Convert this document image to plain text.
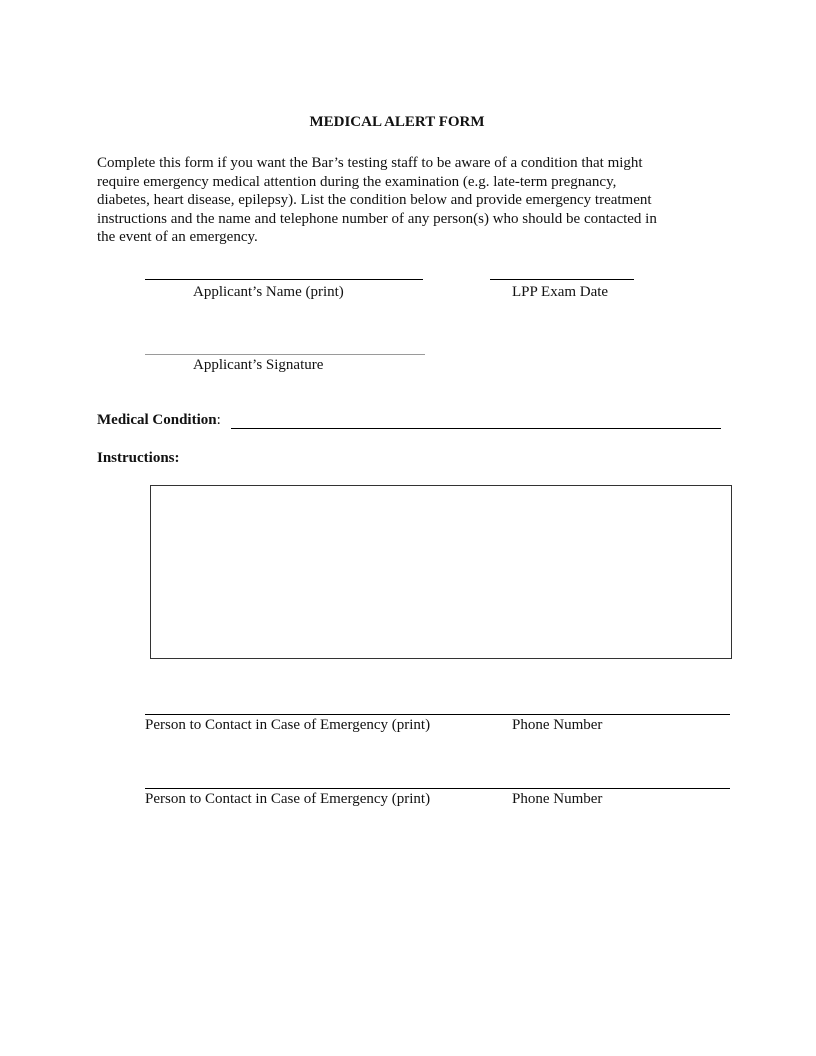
MEDICAL ALERT FORM

Complete this form if you want the Bar’s testing staff to be aware of a condition that might

require emergency medical attention during the examination (e.g. late-term pregnancy,

diabetes, heart disease, epilepsy). List the condition below and provide emergency treatment

instructions and the name and telephone number of any person(s) who should be contacted in

the event of an emergency.

Applicant’s Name (print)	LPP Exam Date
Applicant’s Signature
Medical Condition:
Instructions:
Person to Contact in Case of Emergency (print)	Phone Number
Person to Contact in Case of Emergency (print)	Phone Number
